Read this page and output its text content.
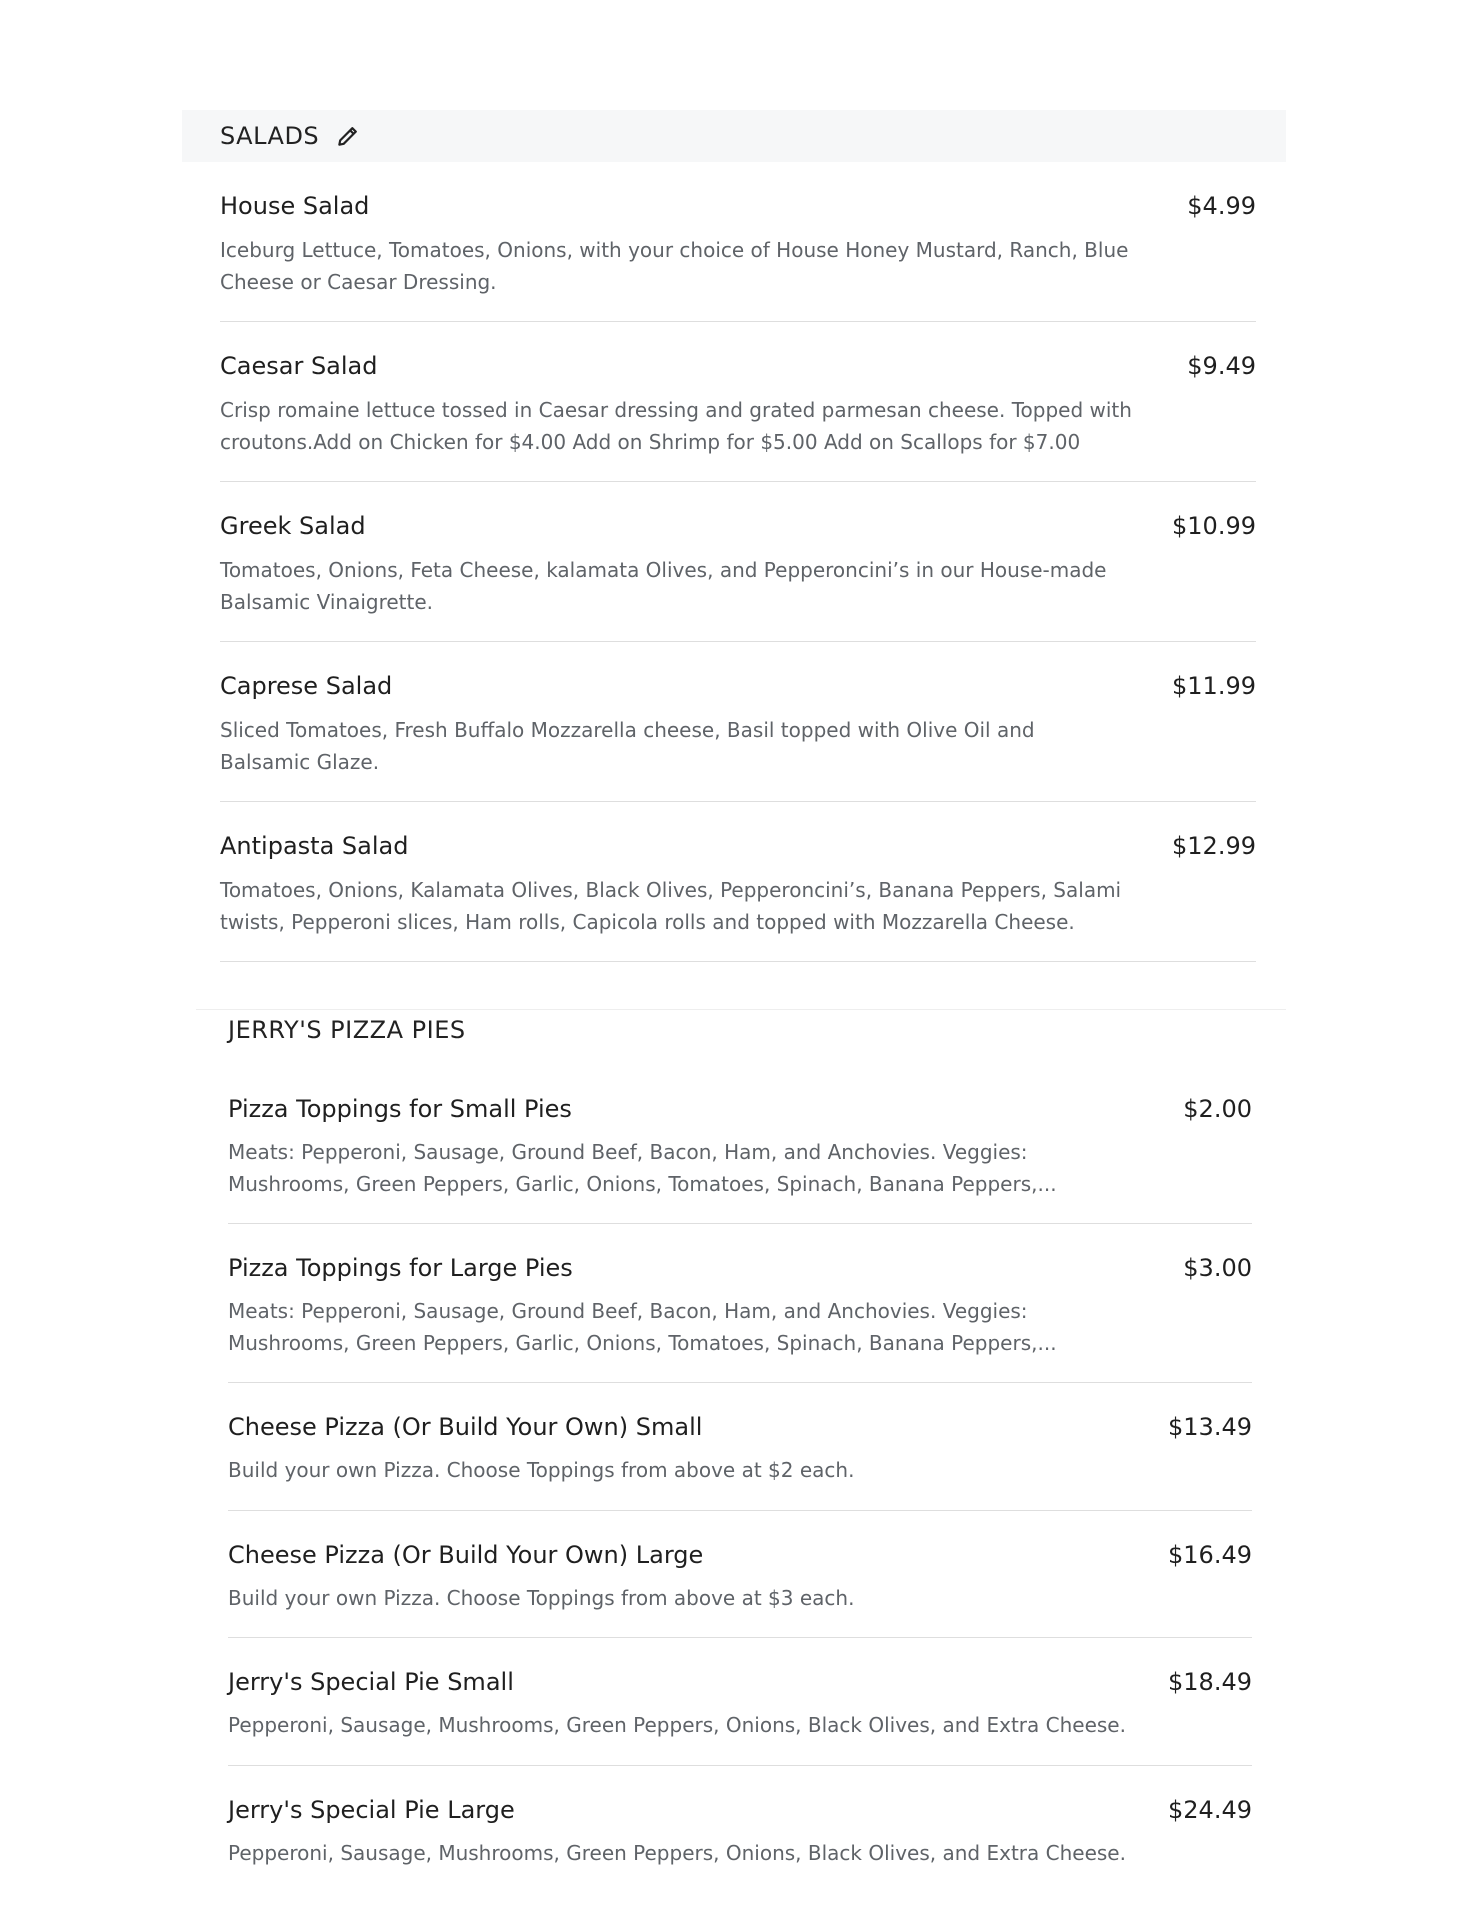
SALADS
House Salad	$4.99
Iceburg Lettuce, Tomatoes, Onions, with your choice of House Honey Mustard, Ranch, Blue
Cheese or Caesar Dressing.
Caesar Salad	$9.49
Crisp romaine lettuce tossed in Caesar dressing and grated parmesan cheese. Topped with
croutons.Add on Chicken for $4.00 Add on Shrimp for $5.00 Add on Scallops for $7.00
Greek Salad	$10.99
Tomatoes, Onions, Feta Cheese, kalamata Olives, and Pepperoncini’s in our House-made
Balsamic Vinaigrette.
Caprese Salad	$11.99
Sliced Tomatoes, Fresh Buffalo Mozzarella cheese, Basil topped with Olive Oil and
Balsamic Glaze.
Antipasta Salad	$12.99
Tomatoes, Onions, Kalamata Olives, Black Olives, Pepperoncini’s, Banana Peppers, Salami
twists, Pepperoni slices, Ham rolls, Capicola rolls and topped with Mozzarella Cheese.
JERRY'S PIZZA PIES
Pizza Toppings for Small Pies	$2.00
Meats: Pepperoni, Sausage, Ground Beef, Bacon, Ham, and Anchovies. Veggies:
Mushrooms, Green Peppers, Garlic, Onions, Tomatoes, Spinach, Banana Peppers,...
Pizza Toppings for Large Pies	$3.00
Meats: Pepperoni, Sausage, Ground Beef, Bacon, Ham, and Anchovies. Veggies:
Mushrooms, Green Peppers, Garlic, Onions, Tomatoes, Spinach, Banana Peppers,...
Cheese Pizza (Or Build Your Own) Small	$13.49
Build your own Pizza. Choose Toppings from above at $2 each.
Cheese Pizza (Or Build Your Own) Large	$16.49
Build your own Pizza. Choose Toppings from above at $3 each.
Jerry's Special Pie Small	$18.49
Pepperoni, Sausage, Mushrooms, Green Peppers, Onions, Black Olives, and Extra Cheese.
Jerry's Special Pie Large	$24.49
Pepperoni, Sausage, Mushrooms, Green Peppers, Onions, Black Olives, and Extra Cheese.
